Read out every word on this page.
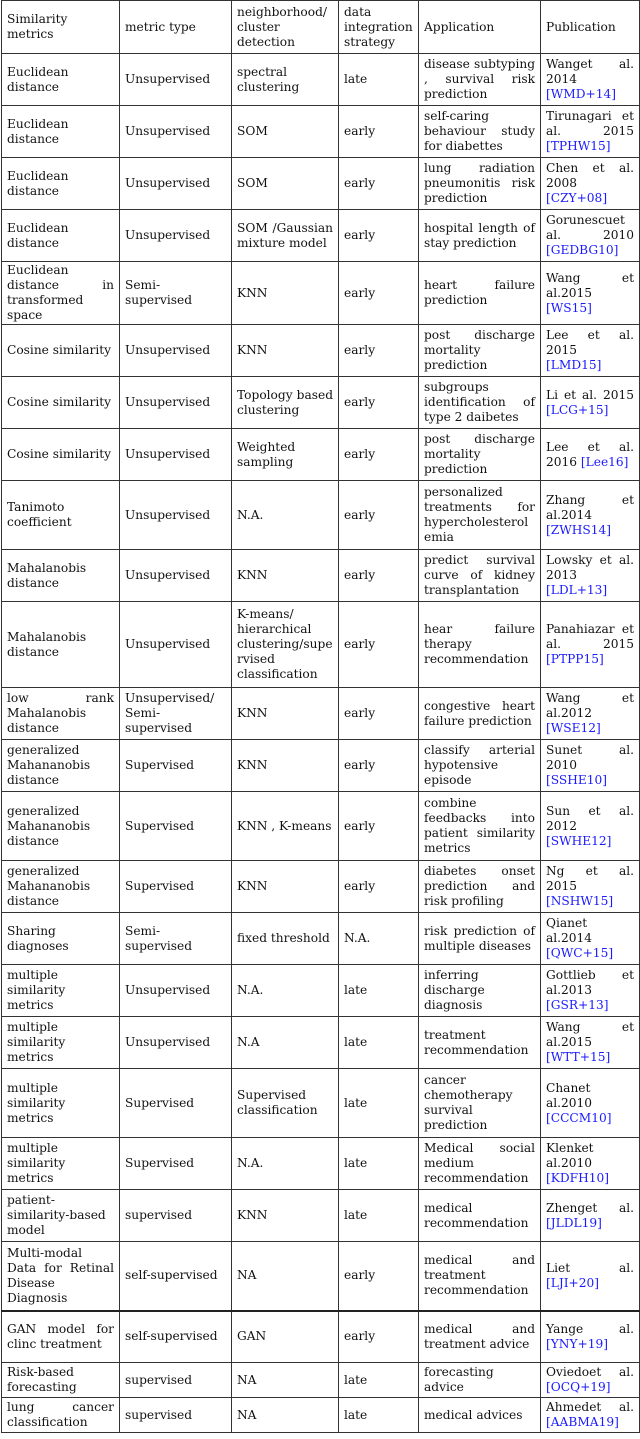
Similarity metrics	metric type	neighborhood/ cluster detection	data integration strategy	Application	Publication
Euclidean distance	Unsupervised	spectral clustering	late	disease subtyping , survival risk prediction	Wanget al. 2014 [WMD+14]
Euclidean distance	Unsupervised	SOM	early	self-caring behaviour study for diabettes	Tirunagari et al. 2015 [TPHW15]
Euclidean distance	Unsupervised	SOM	early	lung radiation pneumonitis risk prediction	Chen et al. 2008 [CZY+08]
Euclidean distance	Unsupervised	SOM /Gaussian mixture model	early	hospital length of stay prediction	Gorunescuet al. 2010 [GEDBG10]
Euclidean distance in transformed space	Semi-supervised	KNN	early	heart failure prediction	Wang et al.2015 [WS15]
Cosine similarity	Unsupervised	KNN	early	post discharge mortality prediction	Lee et al. 2015 [LMD15]
Cosine similarity	Unsupervised	Topology based clustering	early	subgroups identification of type 2 daibetes	Li et al. 2015 [LCG+15]
Cosine similarity	Unsupervised	Weighted sampling	early	post discharge mortality prediction	Lee et al. 2016 [Lee16]
Tanimoto coefficient	Unsupervised	N.A.	early	personalized treatments for hypercholesterolemia	Zhang et al.2014 [ZWHS14]
Mahalanobis distance	Unsupervised	KNN	early	predict survival curve of kidney transplantation	Lowsky et al. 2013 [LDL+13]
Mahalanobis distance	Unsupervised	K-means/ hierarchical clustering/supervised classification	early	hear failure therapy recommendation	Panahiazar et al. 2015 [PTPP15]
low rank Mahalanobis distance	Unsupervised/ Semi-supervised	KNN	early	congestive heart failure prediction	Wang et al.2012 [WSE12]
generalized Mahananobis distance	Supervised	KNN	early	classify arterial hypotensive episode	Sunet al. 2010 [SSHE10]
generalized Mahananobis distance	Supervised	KNN , K-means	early	combine feedbacks into patient similarity metrics	Sun et al. 2012 [SWHE12]
generalized Mahananobis distance	Supervised	KNN	early	diabetes onset prediction and risk profiling	Ng et al. 2015 [NSHW15]
Sharing diagnoses	Semi-supervised	fixed threshold	N.A.	risk prediction of multiple diseases	Qianet al.2014 [QWC+15]
multiple similarity metrics	Unsupervised	N.A.	late	inferring discharge diagnosis	Gottlieb et al.2013 [GSR+13]
multiple similarity metrics	Unsupervised	N.A	late	treatment recommendation	Wang et al.2015 [WTT+15]
multiple similarity metrics	Supervised	Supervised classification	late	cancer chemotherapy survival prediction	Chanet al.2010 [CCCM10]
multiple similarity metrics	Supervised	N.A.	late	Medical social medium recommendation	Klenket al.2010 [KDFH10]
patient-similarity-based model	supervised	KNN	late	medical recommendation	Zhenget al. [JLDL19]
Multi-modal Data for Retinal Disease Diagnosis	self-supervised	NA	early	medical and treatment recommendation	Liet al. [LJI+20]
GAN model for clinc treatment	self-supervised	GAN	early	medical and treatment advice	Yange al. [YNY+19]
Risk-based forecasting	supervised	NA	late	forecasting advice	Oviedoet al. [OCQ+19]
lung cancer classification	supervised	NA	late	medical advices	Ahmedet al. [AABMA19]
